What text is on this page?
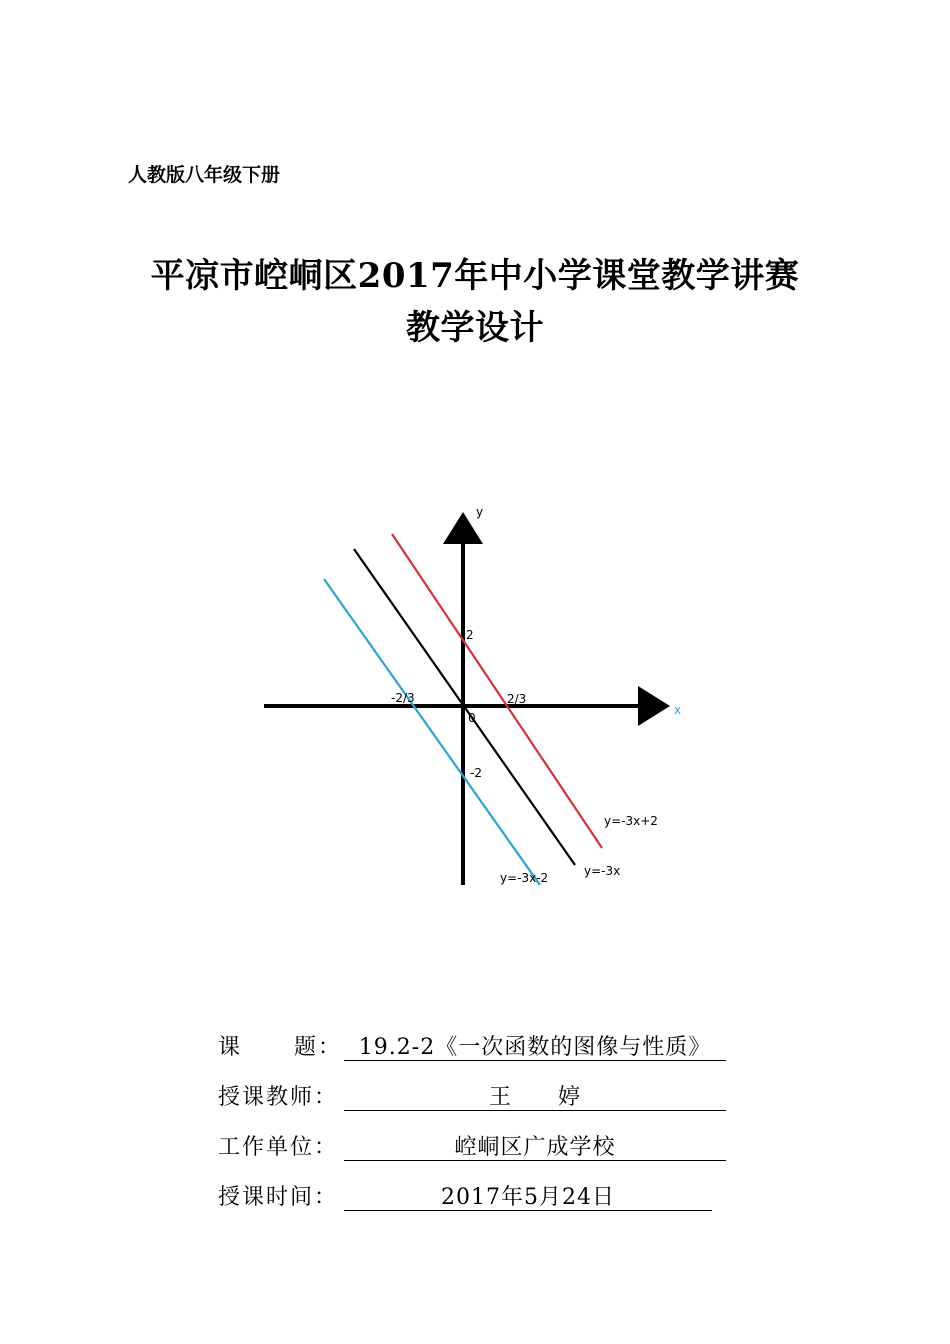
人教版八年级下册
平凉市崆峒区2017年中小学课堂教学讲赛
教学设计
y
x
0
2
-2
-2/3	2/3
y=-3x+2
y=-3x
y=-3x-2
课 题： 19.2-2《一次函数的图像与性质》
授课教师：	王　　婷
工作单位：	崆峒区广成学校
授课时间：	2017年5月24日
